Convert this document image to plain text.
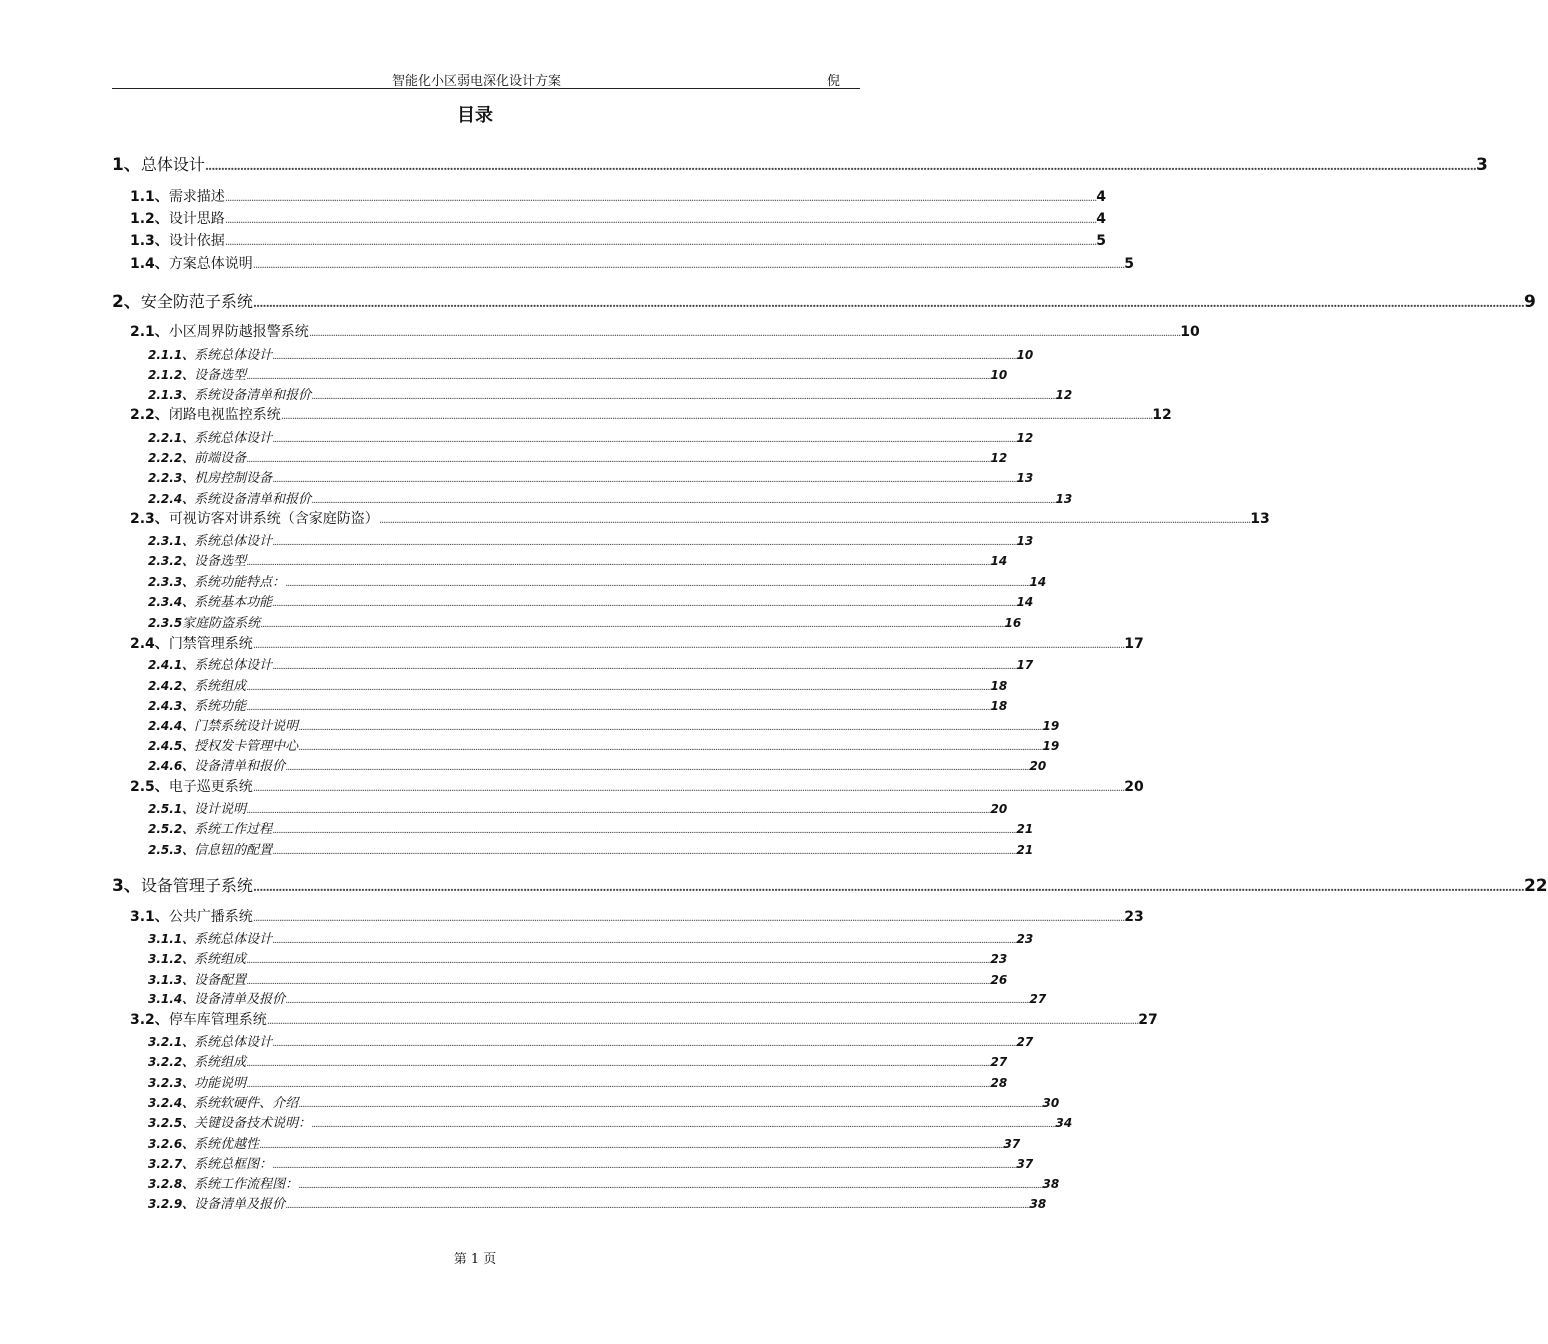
智能化小区弱电深化设计方案	倪
目录
1、 总体设计 ................................................................................................................................................................................................................................................................................................................................................................................................................ 3
1.1、 需求描述 ................................................................................................................................................................................................................................................................................................................................................................................................................ 4
1.2、 设计思路 ................................................................................................................................................................................................................................................................................................................................................................................................................ 4
1.3、 设计依据 ................................................................................................................................................................................................................................................................................................................................................................................................................ 5
1.4、 方案总体说明 ................................................................................................................................................................................................................................................................................................................................................................................................................ 5
2、 安全防范子系统 ................................................................................................................................................................................................................................................................................................................................................................................................................ 9
2.1、 小区周界防越报警系统 ................................................................................................................................................................................................................................................................................................................................................................................................................ 10
2.1.1、 系统总体设计 ................................................................................................................................................................................................................................................................................................................................................................................................................ 10
2.1.2、 设备选型 ................................................................................................................................................................................................................................................................................................................................................................................................................ 10
2.1.3、 系统设备清单和报价 ................................................................................................................................................................................................................................................................................................................................................................................................................ 12
2.2、 闭路电视监控系统 ................................................................................................................................................................................................................................................................................................................................................................................................................ 12
2.2.1、 系统总体设计 ................................................................................................................................................................................................................................................................................................................................................................................................................ 12
2.2.2、 前端设备 ................................................................................................................................................................................................................................................................................................................................................................................................................ 12
2.2.3、 机房控制设备 ................................................................................................................................................................................................................................................................................................................................................................................................................ 13
2.2.4、 系统设备清单和报价 ................................................................................................................................................................................................................................................................................................................................................................................................................ 13
2.3、 可视访客对讲系统（含家庭防盗） ................................................................................................................................................................................................................................................................................................................................................................................................................ 13
2.3.1、 系统总体设计 ................................................................................................................................................................................................................................................................................................................................................................................................................ 13
2.3.2、 设备选型 ................................................................................................................................................................................................................................................................................................................................................................................................................ 14
2.3.3、 系统功能特点： ................................................................................................................................................................................................................................................................................................................................................................................................................ 14
2.3.4、 系统基本功能 ................................................................................................................................................................................................................................................................................................................................................................................................................ 14
2.3.5 家庭防盗系统 ................................................................................................................................................................................................................................................................................................................................................................................................................ 16
2.4、 门禁管理系统 ................................................................................................................................................................................................................................................................................................................................................................................................................ 17
2.4.1、 系统总体设计 ................................................................................................................................................................................................................................................................................................................................................................................................................ 17
2.4.2、 系统组成 ................................................................................................................................................................................................................................................................................................................................................................................................................ 18
2.4.3、 系统功能 ................................................................................................................................................................................................................................................................................................................................................................................................................ 18
2.4.4、 门禁系统设计说明 ................................................................................................................................................................................................................................................................................................................................................................................................................ 19
2.4.5、 授权发卡管理中心 ................................................................................................................................................................................................................................................................................................................................................................................................................ 19
2.4.6、 设备清单和报价 ................................................................................................................................................................................................................................................................................................................................................................................................................ 20
2.5、 电子巡更系统 ................................................................................................................................................................................................................................................................................................................................................................................................................ 20
2.5.1、 设计说明 ................................................................................................................................................................................................................................................................................................................................................................................................................ 20
2.5.2、 系统工作过程 ................................................................................................................................................................................................................................................................................................................................................................................................................ 21
2.5.3、 信息钮的配置 ................................................................................................................................................................................................................................................................................................................................................................................................................ 21
3、 设备管理子系统 ................................................................................................................................................................................................................................................................................................................................................................................................................ 22
3.1、 公共广播系统 ................................................................................................................................................................................................................................................................................................................................................................................................................ 23
3.1.1、 系统总体设计 ................................................................................................................................................................................................................................................................................................................................................................................................................ 23
3.1.2、 系统组成 ................................................................................................................................................................................................................................................................................................................................................................................................................ 23
3.1.3、 设备配置 ................................................................................................................................................................................................................................................................................................................................................................................................................ 26
3.1.4、 设备清单及报价 ................................................................................................................................................................................................................................................................................................................................................................................................................ 27
3.2、 停车库管理系统 ................................................................................................................................................................................................................................................................................................................................................................................................................ 27
3.2.1、 系统总体设计 ................................................................................................................................................................................................................................................................................................................................................................................................................ 27
3.2.2、 系统组成 ................................................................................................................................................................................................................................................................................................................................................................................................................ 27
3.2.3、 功能说明 ................................................................................................................................................................................................................................................................................................................................................................................................................ 28
3.2.4、 系统软硬件、介绍 ................................................................................................................................................................................................................................................................................................................................................................................................................ 30
3.2.5、 关键设备技术说明： ................................................................................................................................................................................................................................................................................................................................................................................................................ 34
3.2.6、 系统优越性 ................................................................................................................................................................................................................................................................................................................................................................................................................ 37
3.2.7、 系统总框图： ................................................................................................................................................................................................................................................................................................................................................................................................................ 37
3.2.8、 系统工作流程图： ................................................................................................................................................................................................................................................................................................................................................................................................................ 38
3.2.9、 设备清单及报价 ................................................................................................................................................................................................................................................................................................................................................................................................................ 38
第 1 页
